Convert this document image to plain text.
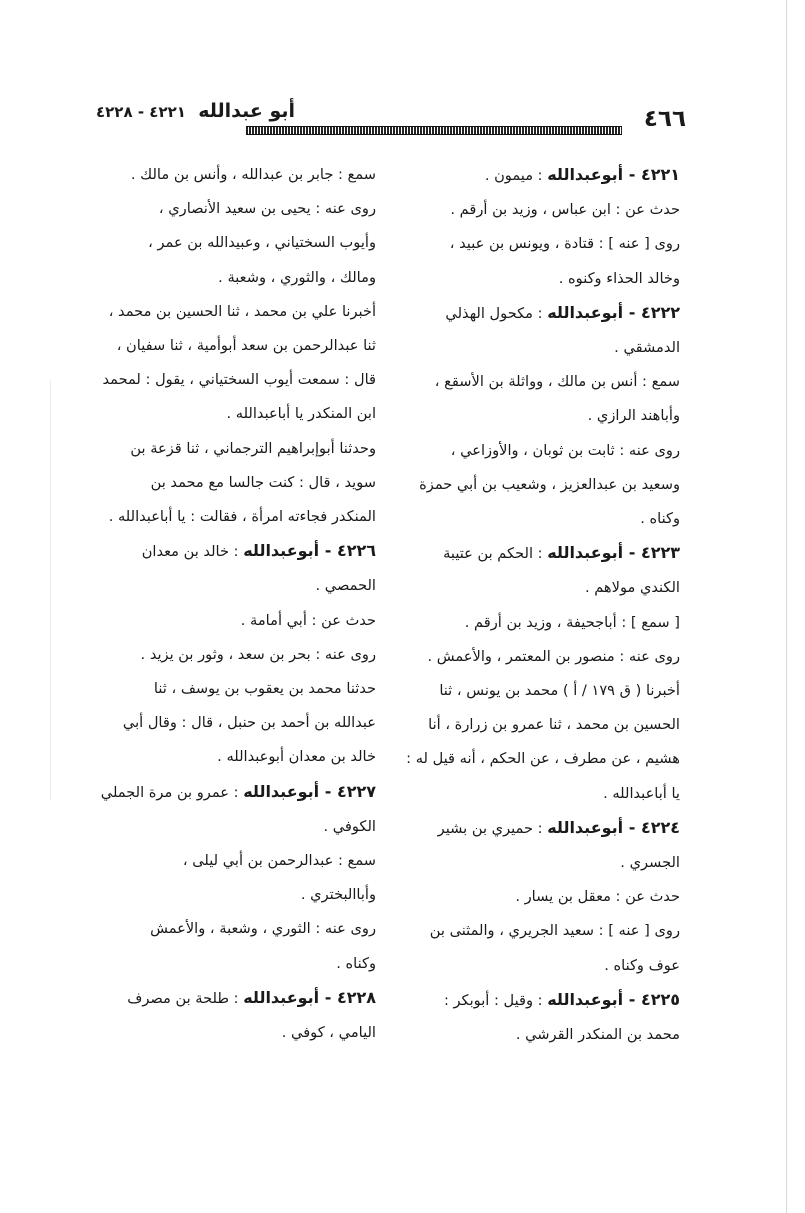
٤٦٦
أبو عبدالله ٤٢٢١ - ٤٢٢٨

٤٢٢١ - أبوعبدالله : ميمون .

حدث عن : ابن عباس ، وزيد بن أرقم .

روى [ عنه ] : قتادة ، ويونس بن عبيد ،

وخالد الحذاء وكنوه .

٤٢٢٢ - أبوعبدالله : مكحول الهذلي

الدمشقي .

سمع : أنس بن مالك ، وواثلة بن الأسقع ،

وأباهند الرازي .

روى عنه : ثابت بن ثوبان ، والأوزاعي ،

وسعيد بن عبدالعزيز ، وشعيب بن أبي حمزة

وكناه .

٤٢٢٣ - أبوعبدالله : الحكم بن عتيبة

الكندي مولاهم .

[ سمع ] : أباجحيفة ، وزيد بن أرقم .

روى عنه : منصور بن المعتمر ، والأعمش .

أخبرنا ( ق ١٧٩ / أ ) محمد بن يونس ، ثنا

الحسين بن محمد ، ثنا عمرو بن زرارة ، أنا

هشيم ، عن مطرف ، عن الحكم ، أنه قيل له :

يا أباعبدالله .

٤٢٢٤ - أبوعبدالله : حميري بن بشير

الجسري .

حدث عن : معقل بن يسار .

روى [ عنه ] : سعيد الجريري ، والمثنى بن

عوف وكناه .

٤٢٢٥ - أبوعبدالله : وقيل : أبوبكر :

محمد بن المنكدر القرشي .

سمع : جابر بن عبدالله ، وأنس بن مالك .

روى عنه : يحيى بن سعيد الأنصاري ،

وأيوب السختياني ، وعبيدالله بن عمر ،

ومالك ، والثوري ، وشعبة .

أخبرنا علي بن محمد ، ثنا الحسين بن محمد ،

ثنا عبدالرحمن بن سعد أبوأمية ، ثنا سفيان ،

قال : سمعت أيوب السختياني ، يقول : لمحمد

ابن المنكدر يا أباعبدالله .

وحدثنا أبوإبراهيم الترجماني ، ثنا قزعة بن

سويد ، قال : كنت جالسا مع محمد بن

المنكدر فجاءته امرأة ، فقالت : يا أباعبدالله .

٤٢٢٦ - أبوعبدالله : خالد بن معدان

الحمصي .

حدث عن : أبي أمامة .

روى عنه : بحر بن سعد ، وثور بن يزيد .

حدثنا محمد بن يعقوب بن يوسف ، ثنا

عبدالله بن أحمد بن حنبل ، قال : وقال أبي

خالد بن معدان أبوعبدالله .

٤٢٢٧ - أبوعبدالله : عمرو بن مرة الجملي

الكوفي .

سمع : عبدالرحمن بن أبي ليلى ،

وأباالبختري .

روى عنه : الثوري ، وشعبة ، والأعمش

وكناه .

٤٢٢٨ - أبوعبدالله : طلحة بن مصرف

اليامي ، كوفي .
